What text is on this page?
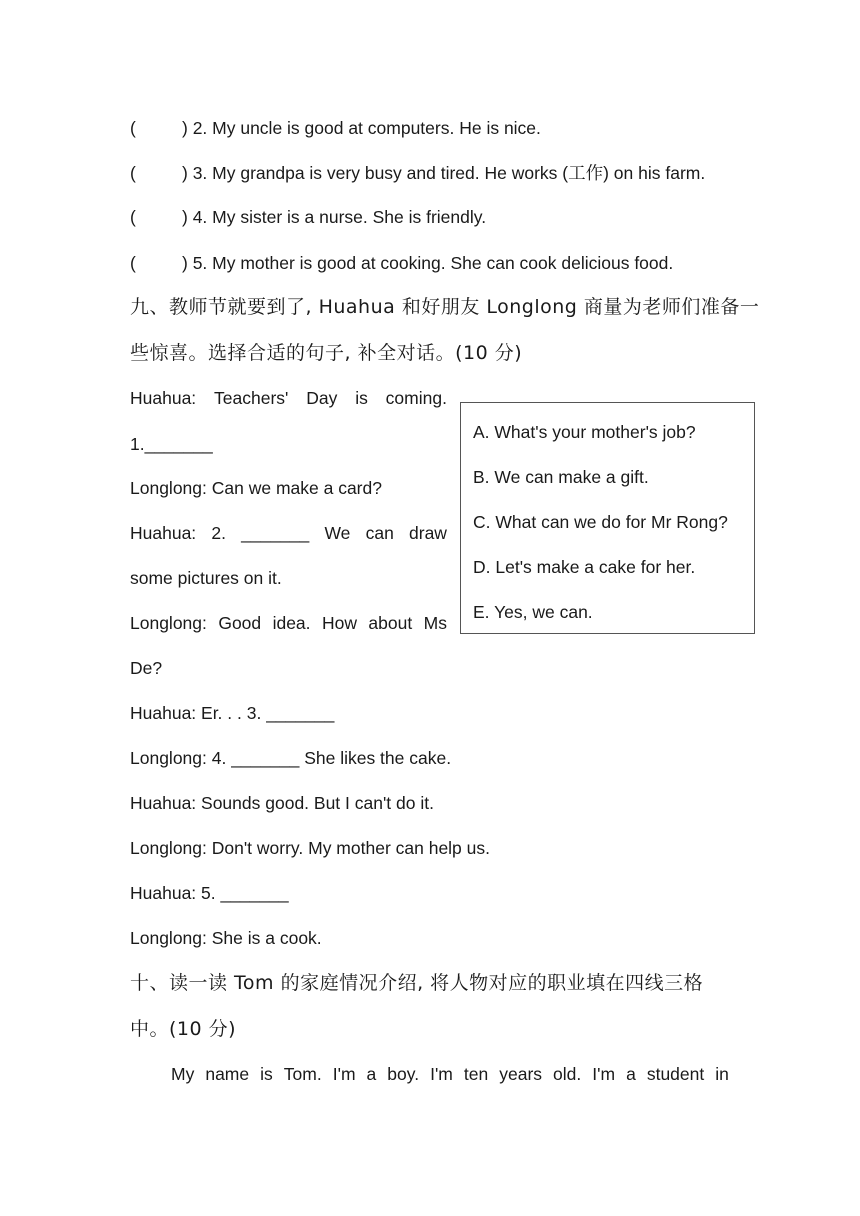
(	) 2. My uncle is good at computers. He is nice.
(	) 3. My grandpa is very busy and tired. He works (工作) on his farm.
(	) 4. My sister is a nurse. She is friendly.
(	) 5. My mother is good at cooking. She can cook delicious food.
九、教师节就要到了, Huahua 和好朋友 Longlong 商量为老师们准备一
些惊喜。选择合适的句子, 补全对话。(10 分)
Huahua: Teachers' Day is coming.
1._______
Longlong: Can we make a card?
Huahua: 2. _______ We can draw
some pictures on it.
Longlong: Good idea. How about Ms
De?
Huahua: Er. . . 3. _______
Longlong: 4. _______ She likes the cake.
Huahua: Sounds good. But I can't do it.
Longlong: Don't worry. My mother can help us.
Huahua: 5. _______
Longlong: She is a cook.
A. What's your mother's job?
B. We can make a gift.
C. What can we do for Mr Rong?
D. Let's make a cake for her.
E. Yes, we can.
十、读一读 Tom 的家庭情况介绍, 将人物对应的职业填在四线三格
中。(10 分)
My name is Tom. I'm a boy. I'm ten years old. I'm a student in
